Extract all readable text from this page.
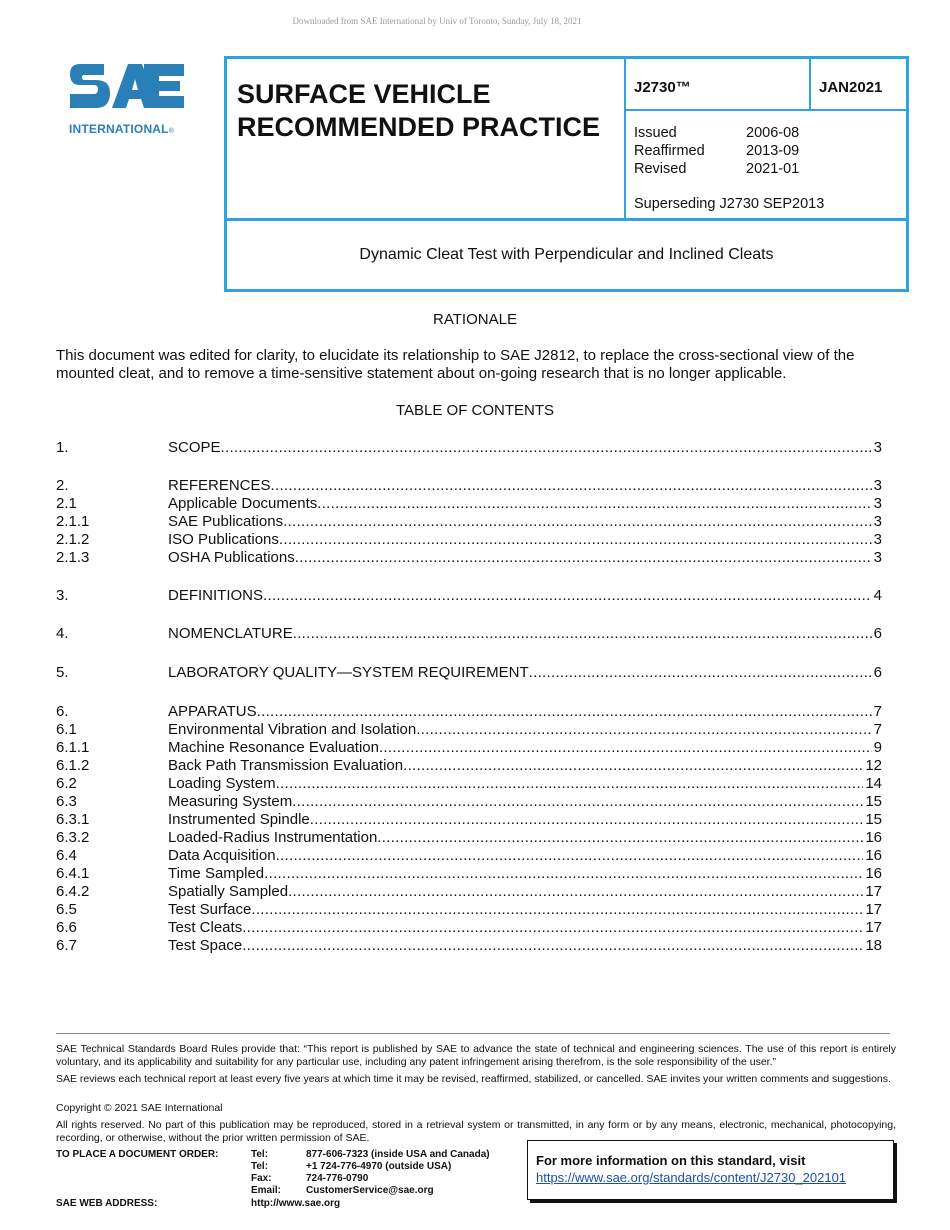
Downloaded from SAE International by Univ of Toronto, Sunday, July 18, 2021
INTERNATIONAL®
SURFACE VEHICLE
RECOMMENDED PRACTICE
J2730™	JAN2021
Issued	2006-08
Reaffirmed	2013-09
Revised	2021-01
Superseding J2730 SEP2013
Dynamic Cleat Test with Perpendicular and Inclined Cleats
RATIONALE
This document was edited for clarity, to elucidate its relationship to SAE J2812, to replace the cross-sectional view of the mounted cleat, and to remove a time-sensitive statement about on-going research that is no longer applicable.
TABLE OF CONTENTS
1.	SCOPE .....	3
2.	REFERENCES .....	3
2.1	Applicable Documents .....	3
2.1.1	SAE Publications .....	3
2.1.2	ISO Publications .....	3
2.1.3	OSHA Publications .....	3
3.	DEFINITIONS .....	4
4.	NOMENCLATURE .....	6
5.	LABORATORY QUALITY—SYSTEM REQUIREMENT .....	6
6.	APPARATUS .....	7
6.1	Environmental Vibration and Isolation .....	7
6.1.1	Machine Resonance Evaluation .....	9
6.1.2	Back Path Transmission Evaluation .....	12
6.2	Loading System .....	14
6.3	Measuring System .....	15
6.3.1	Instrumented Spindle .....	15
6.3.2	Loaded-Radius Instrumentation .....	16
6.4	Data Acquisition .....	16
6.4.1	Time Sampled .....	16
6.4.2	Spatially Sampled .....	17
6.5	Test Surface .....	17
6.6	Test Cleats .....	17
6.7	Test Space .....	18
SAE Technical Standards Board Rules provide that: “This report is published by SAE to advance the state of technical and engineering sciences. The use of this report is entirely voluntary, and its applicability and suitability for any particular use, including any patent infringement arising therefrom, is the sole responsibility of the user.”
SAE reviews each technical report at least every five years at which time it may be revised, reaffirmed, stabilized, or cancelled. SAE invites your written comments and suggestions.
Copyright © 2021 SAE International
All rights reserved. No part of this publication may be reproduced, stored in a retrieval system or transmitted, in any form or by any means, electronic, mechanical, photocopying, recording, or otherwise, without the prior written permission of SAE.
TO PLACE A DOCUMENT ORDER:	Tel:	877-606-7323 (inside USA and Canada)
Tel:	+1 724-776-4970 (outside USA)
Fax:	724-776-0790
Email:	CustomerService@sae.org
SAE WEB ADDRESS:	http://www.sae.org
For more information on this standard, visit
https://www.sae.org/standards/content/J2730_202101
